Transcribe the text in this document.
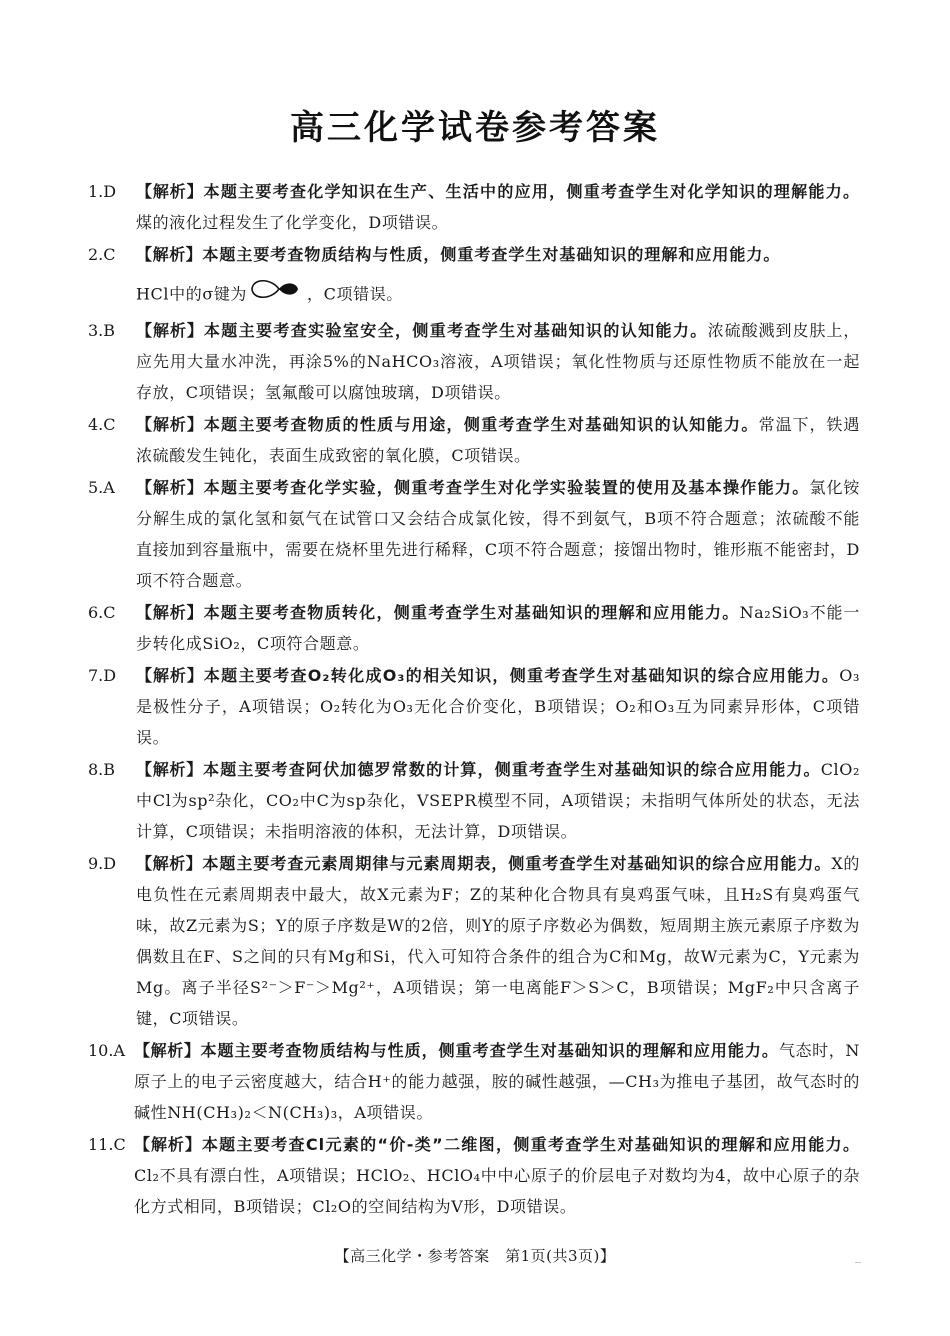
高三化学试卷参考答案
1.D	【解析】本题主要考查化学知识在生产、生活中的应用，侧重考查学生对化学知识的理解能力。煤的液化过程发生了化学变化，D项错误。
2.C	【解析】本题主要考查物质结构与性质，侧重考查学生对基础知识的理解和应用能力。
HCl中的σ键为	，C项错误。
3.B	【解析】本题主要考查实验室安全，侧重考查学生对基础知识的认知能力。浓硫酸溅到皮肤上，应先用大量水冲洗，再涂5%的NaHCO₃溶液，A项错误；氧化性物质与还原性物质不能放在一起存放，C项错误；氢氟酸可以腐蚀玻璃，D项错误。
4.C	【解析】本题主要考查物质的性质与用途，侧重考查学生对基础知识的认知能力。常温下，铁遇浓硫酸发生钝化，表面生成致密的氧化膜，C项错误。
5.A	【解析】本题主要考查化学实验，侧重考查学生对化学实验装置的使用及基本操作能力。氯化铵分解生成的氯化氢和氨气在试管口又会结合成氯化铵，得不到氨气，B项不符合题意；浓硫酸不能直接加到容量瓶中，需要在烧杯里先进行稀释，C项不符合题意；接馏出物时，锥形瓶不能密封，D项不符合题意。
6.C	【解析】本题主要考查物质转化，侧重考查学生对基础知识的理解和应用能力。Na₂SiO₃不能一步转化成SiO₂，C项符合题意。
7.D	【解析】本题主要考查O₂转化成O₃的相关知识，侧重考查学生对基础知识的综合应用能力。O₃是极性分子，A项错误；O₂转化为O₃无化合价变化，B项错误；O₂和O₃互为同素异形体，C项错误。
8.B	【解析】本题主要考查阿伏加德罗常数的计算，侧重考查学生对基础知识的综合应用能力。ClO₂中Cl为sp²杂化，CO₂中C为sp杂化，VSEPR模型不同，A项错误；未指明气体所处的状态，无法计算，C项错误；未指明溶液的体积，无法计算，D项错误。
9.D	【解析】本题主要考查元素周期律与元素周期表，侧重考查学生对基础知识的综合应用能力。X的电负性在元素周期表中最大，故X元素为F；Z的某种化合物具有臭鸡蛋气味，且H₂S有臭鸡蛋气味，故Z元素为S；Y的原子序数是W的2倍，则Y的原子序数必为偶数，短周期主族元素原子序数为偶数且在F、S之间的只有Mg和Si，代入可知符合条件的组合为C和Mg，故W元素为C，Y元素为Mg。离子半径S²⁻＞F⁻＞Mg²⁺，A项错误；第一电离能F＞S＞C，B项错误；MgF₂中只含离子键，C项错误。
10.A 【解析】本题主要考查物质结构与性质，侧重考查学生对基础知识的理解和应用能力。气态时，N原子上的电子云密度越大，结合H⁺的能力越强，胺的碱性越强，—CH₃为推电子基团，故气态时的碱性NH(CH₃)₂＜N(CH₃)₃，A项错误。
11.C 【解析】本题主要考查Cl元素的“价-类”二维图，侧重考查学生对基础知识的理解和应用能力。Cl₂不具有漂白性，A项错误；HClO₂、HClO₄中中心原子的价层电子对数均为4，故中心原子的杂化方式相同，B项错误；Cl₂O的空间结构为V形，D项错误。
【高三化学・参考答案　第1页(共3页)】
